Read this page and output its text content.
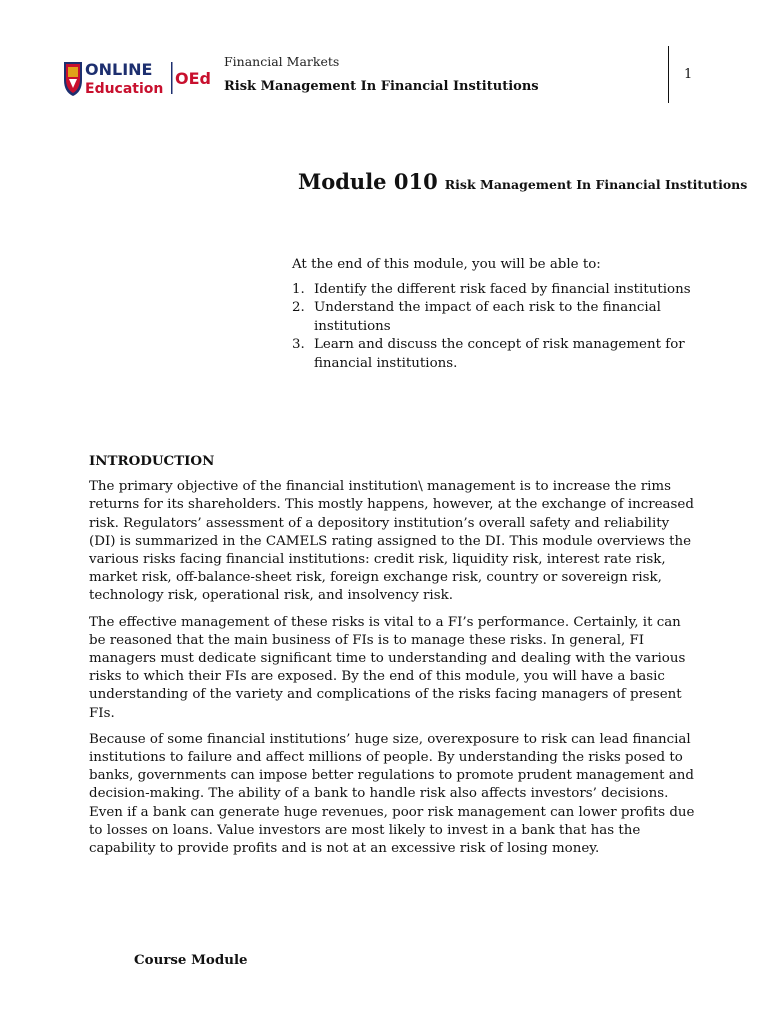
ONLINE
Education
OEd
Financial Markets
Risk Management In Financial Institutions
1
Module 010 Risk Management In Financial Institutions

At the end of this module, you will be able to:

1. Identify the different risk faced by financial institutions
2. Understand the impact of each risk to the financial institutions
3. Learn and discuss the concept of risk management for financial institutions.
INTRODUCTION

The primary objective of the financial institution\ management is to increase the rims returns for its shareholders. This mostly happens, however, at the exchange of increased risk. Regulators’ assessment of a depository institution’s overall safety and reliability (DI) is summarized in the CAMELS rating assigned to the DI. This module overviews the various risks facing financial institutions: credit risk, liquidity risk, interest rate risk, market risk, off-balance-sheet risk, foreign exchange risk, country or sovereign risk, technology risk, operational risk, and insolvency risk.

The effective management of these risks is vital to a FI’s performance. Certainly, it can be reasoned that the main business of FIs is to manage these risks. In general, FI managers must dedicate significant time to understanding and dealing with the various risks to which their FIs are exposed. By the end of this module, you will have a basic understanding of the variety and complications of the risks facing managers of present FIs.

Because of some financial institutions’ huge size, overexposure to risk can lead financial institutions to failure and affect millions of people. By understanding the risks posed to banks, governments can impose better regulations to promote prudent management and decision-making. The ability of a bank to handle risk also affects investors’ decisions. Even if a bank can generate huge revenues, poor risk management can lower profits due to losses on loans. Value investors are most likely to invest in a bank that has the capability to provide profits and is not at an excessive risk of losing money.

Course Module
